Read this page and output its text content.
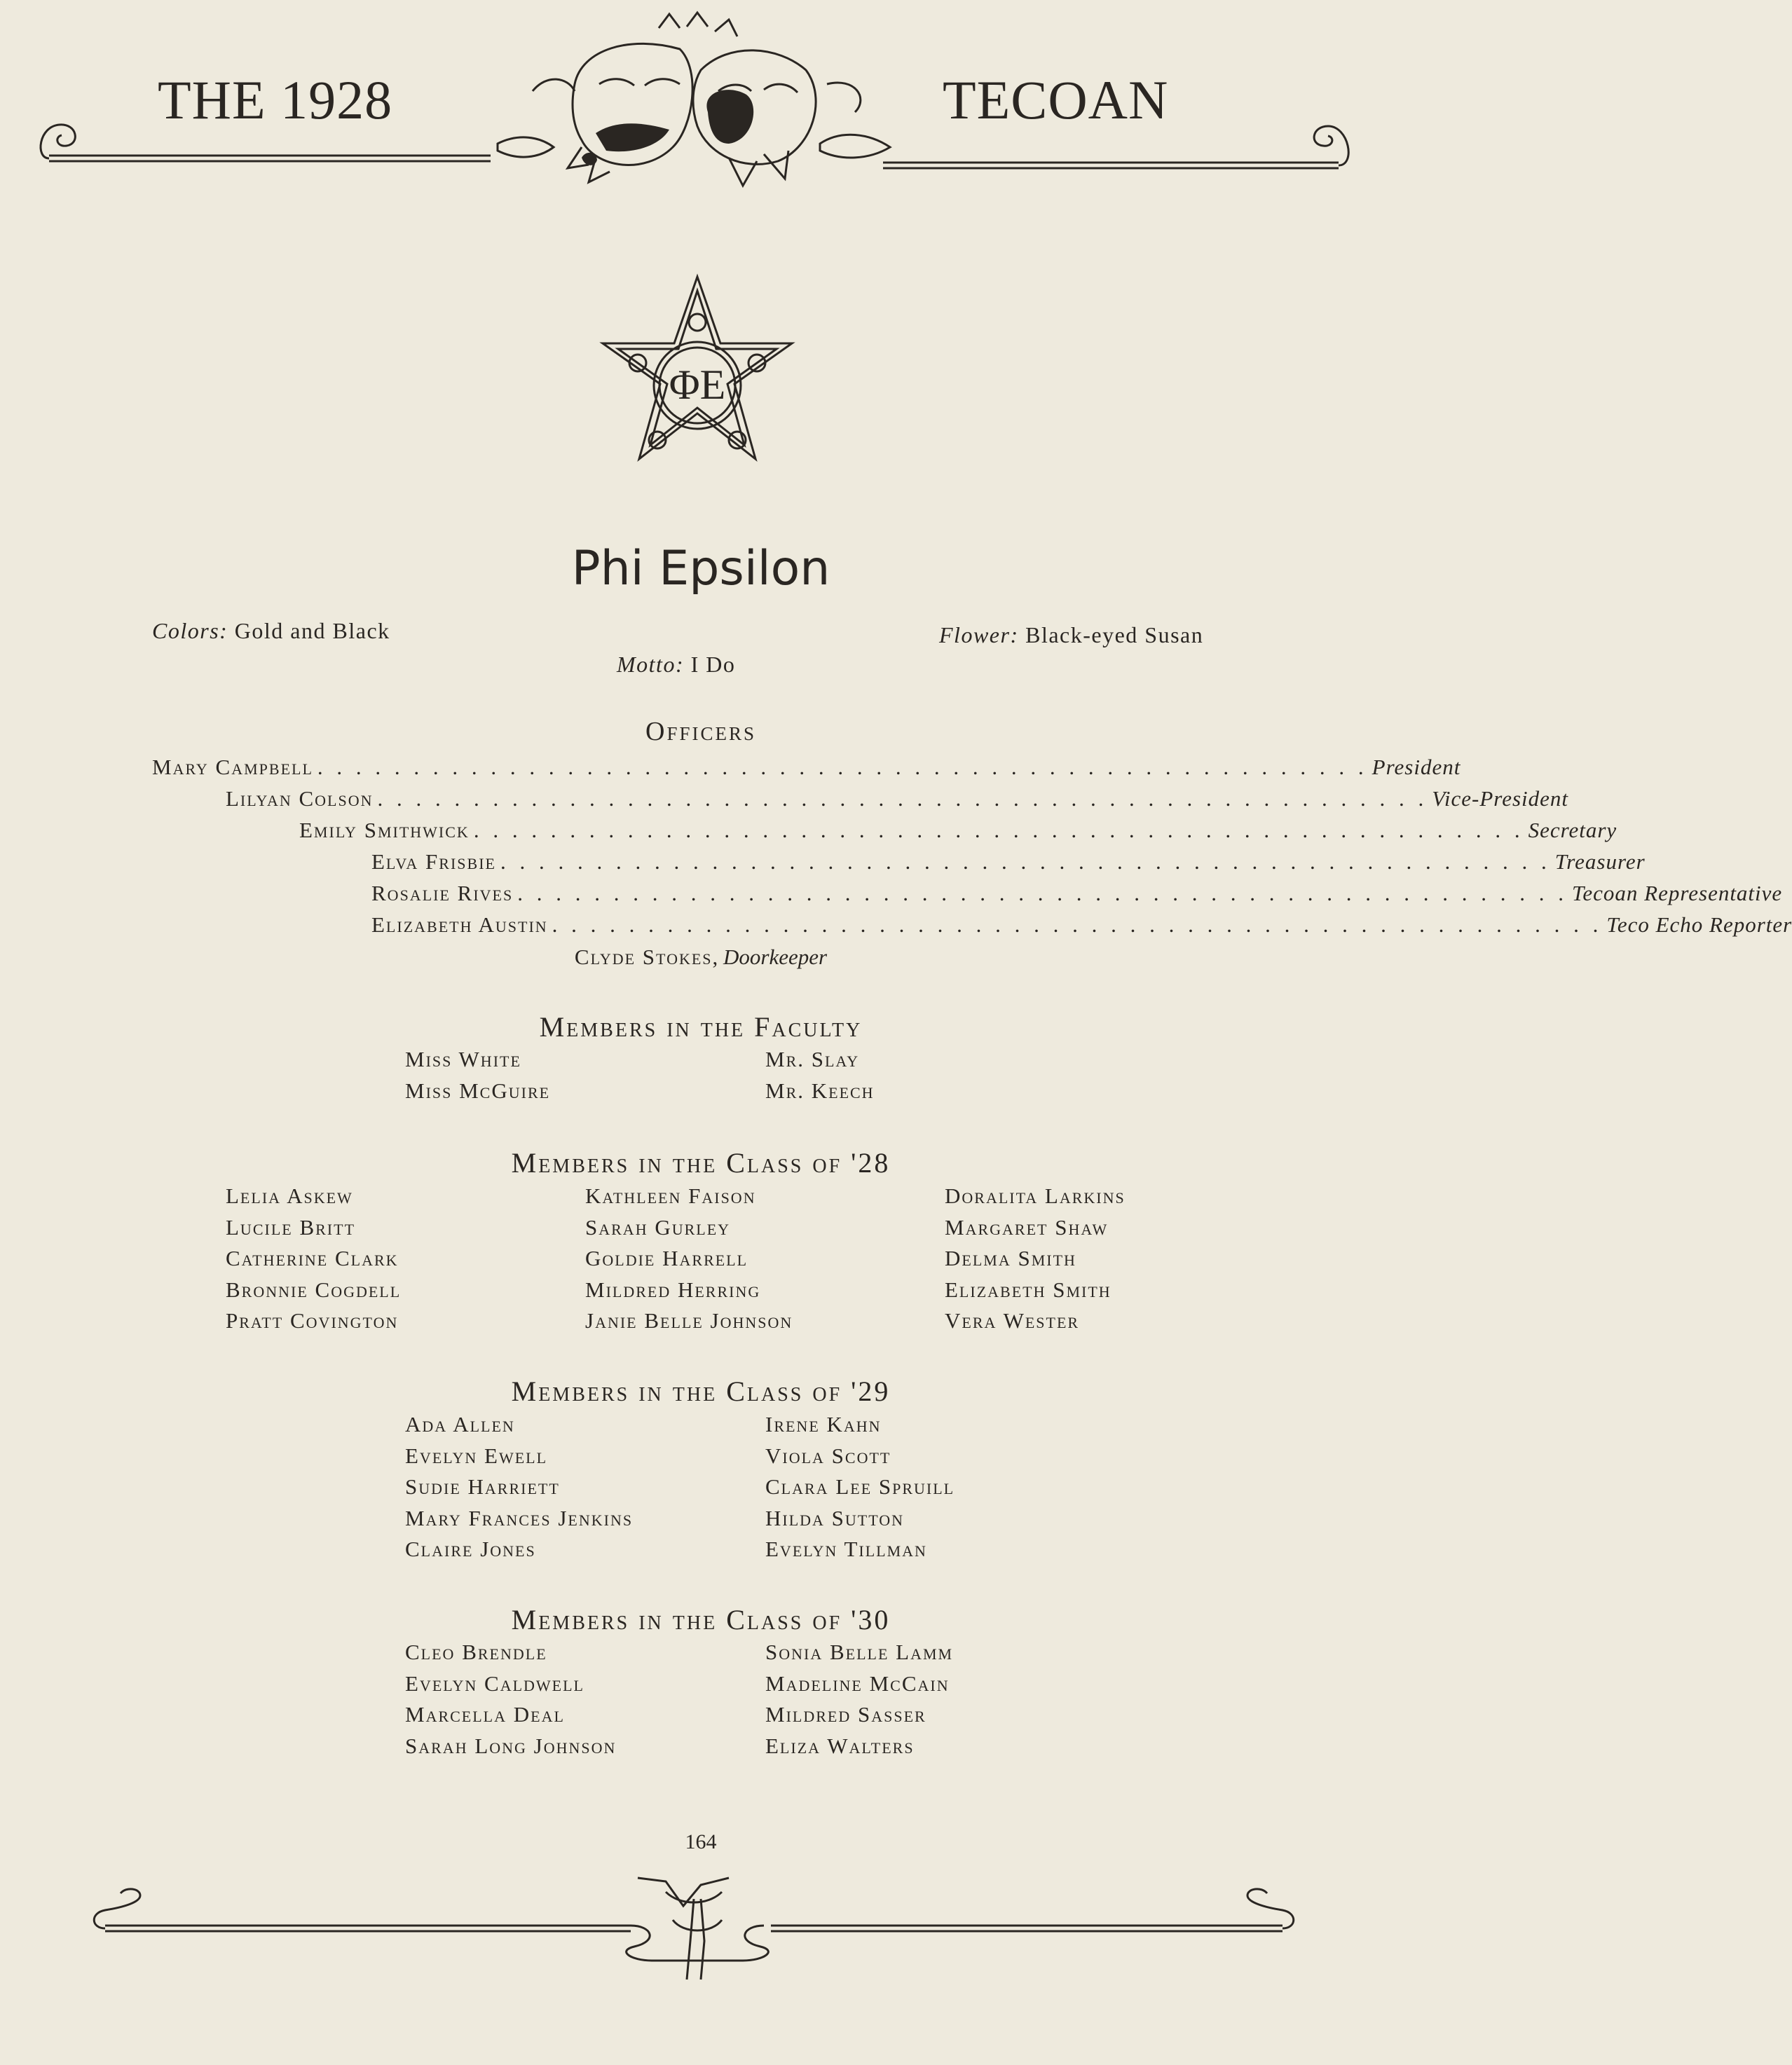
THE 1928	TECOAN
ΦE
Phi Epsilon
Colors: Gold and Black	Flower: Black-eyed Susan
Motto: I Do
Officers
Mary Campbell . . . . . . . . . . . . . . . . . . . . . . . . . . . . . . . . . . . . . . . . . . . . . . . . . . . . . . . President
Lilyan Colson . . . . . . . . . . . . . . . . . . . . . . . . . . . . . . . . . . . . . . . . . . . . . . . . . . . . . . . Vice-President
Emily Smithwick . . . . . . . . . . . . . . . . . . . . . . . . . . . . . . . . . . . . . . . . . . . . . . . . . . . . . . . Secretary
Elva Frisbie . . . . . . . . . . . . . . . . . . . . . . . . . . . . . . . . . . . . . . . . . . . . . . . . . . . . . . . Treasurer
Rosalie Rives . . . . . . . . . . . . . . . . . . . . . . . . . . . . . . . . . . . . . . . . . . . . . . . . . . . . . . . Tecoan Representative
Elizabeth Austin . . . . . . . . . . . . . . . . . . . . . . . . . . . . . . . . . . . . . . . . . . . . . . . . . . . . . . . Teco Echo Reporter
Clyde Stokes, Doorkeeper
Members in the Faculty
Miss White
Miss McGuire
Mr. Slay
Mr. Keech
Members in the Class of '28
Lelia Askew
Lucile Britt
Catherine Clark
Bronnie Cogdell
Pratt Covington
Kathleen Faison
Sarah Gurley
Goldie Harrell
Mildred Herring
Janie Belle Johnson
Doralita Larkins
Margaret Shaw
Delma Smith
Elizabeth Smith
Vera Wester
Members in the Class of '29
Ada Allen
Evelyn Ewell
Sudie Harriett
Mary Frances Jenkins
Claire Jones
Irene Kahn
Viola Scott
Clara Lee Spruill
Hilda Sutton
Evelyn Tillman
Members in the Class of '30
Cleo Brendle
Evelyn Caldwell
Marcella Deal
Sarah Long Johnson
Sonia Belle Lamm
Madeline McCain
Mildred Sasser
Eliza Walters
164
